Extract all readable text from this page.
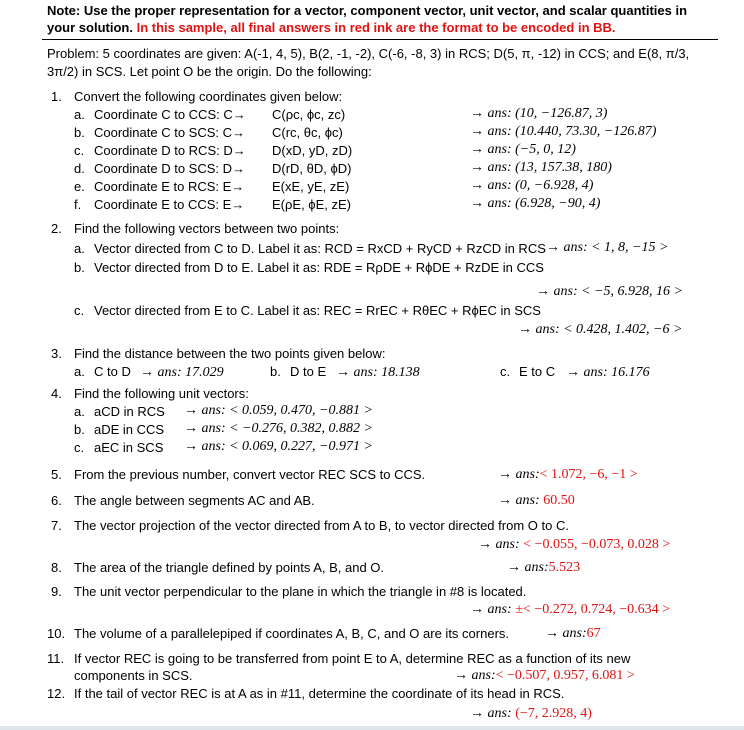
Note: Use the proper representation for a vector, component vector, unit vector, and scalar quantities in
your solution. In this sample, all final answers in red ink are the format to be encoded in BB.
Problem: 5 coordinates are given: A(-1, 4, 5), B(2, -1, -2), C(-6, -8, 3) in RCS; D(5, π, -12) in CCS; and E(8, π/3,
3π/2) in SCS. Let point O be the origin. Do the following:
1. Convert the following coordinates given below:
a. Coordinate C to CCS: C→ C(ρc, ϕc, zc)	→ ans: (10, −126.87, 3)
b. Coordinate C to SCS: C→ C(rc, θc, ϕc)	→ ans: (10.440, 73.30, −126.87)
c. Coordinate D to RCS: D→ D(xD, yD, zD)	→ ans: (−5, 0, 12)
d. Coordinate D to SCS: D→ D(rD, θD, ϕD)	→ ans: (13, 157.38, 180)
e. Coordinate E to RCS: E→ E(xE, yE, zE)	→ ans: (0, −6.928, 4)
f. Coordinate E to CCS: E→ E(ρE, ϕE, zE)	→ ans: (6.928, −90, 4)
2. Find the following vectors between two points:
a. Vector directed from C to D. Label it as: RCD = RxCD + RyCD + RzCD in RCS → ans: < 1, 8, −15 >
b. Vector directed from D to E. Label it as: RDE = RρDE + RϕDE + RzDE in CCS
→ ans: < −5, 6.928, 16 >
c. Vector directed from E to C. Label it as: REC = RrEC + RθEC + RϕEC in SCS
→ ans: < 0.428, 1.402, −6 >
3. Find the distance between the two points given below:
a. C to D → ans: 17.029	b. D to E → ans: 18.138	c. E to C → ans: 16.176
4. Find the following unit vectors:
a. aCD in RCS → ans: < 0.059, 0.470, −0.881 >
b. aDE in CCS → ans: < −0.276, 0.382, 0.882 >
c. aEC in SCS → ans: < 0.069, 0.227, −0.971 >
5. From the previous number, convert vector REC SCS to CCS.	→ ans:< 1.072, −6, −1 >
6. The angle between segments AC and AB.	→ ans: 60.50
7. The vector projection of the vector directed from A to B, to vector directed from O to C.
→ ans: < −0.055, −0.073, 0.028 >
8. The area of the triangle defined by points A, B, and O.	→ ans:5.523
9. The unit vector perpendicular to the plane in which the triangle in #8 is located.
→ ans: ±< −0.272, 0.724, −0.634 >
10. The volume of a parallelepiped if coordinates A, B, C, and O are its corners.	→ ans:67
11. If vector REC is going to be transferred from point E to A, determine REC as a function of its new
components in SCS.	→ ans:< −0.507, 0.957, 6.081 >
12. If the tail of vector REC is at A as in #11, determine the coordinate of its head in RCS.
→ ans: (−7, 2.928, 4)
